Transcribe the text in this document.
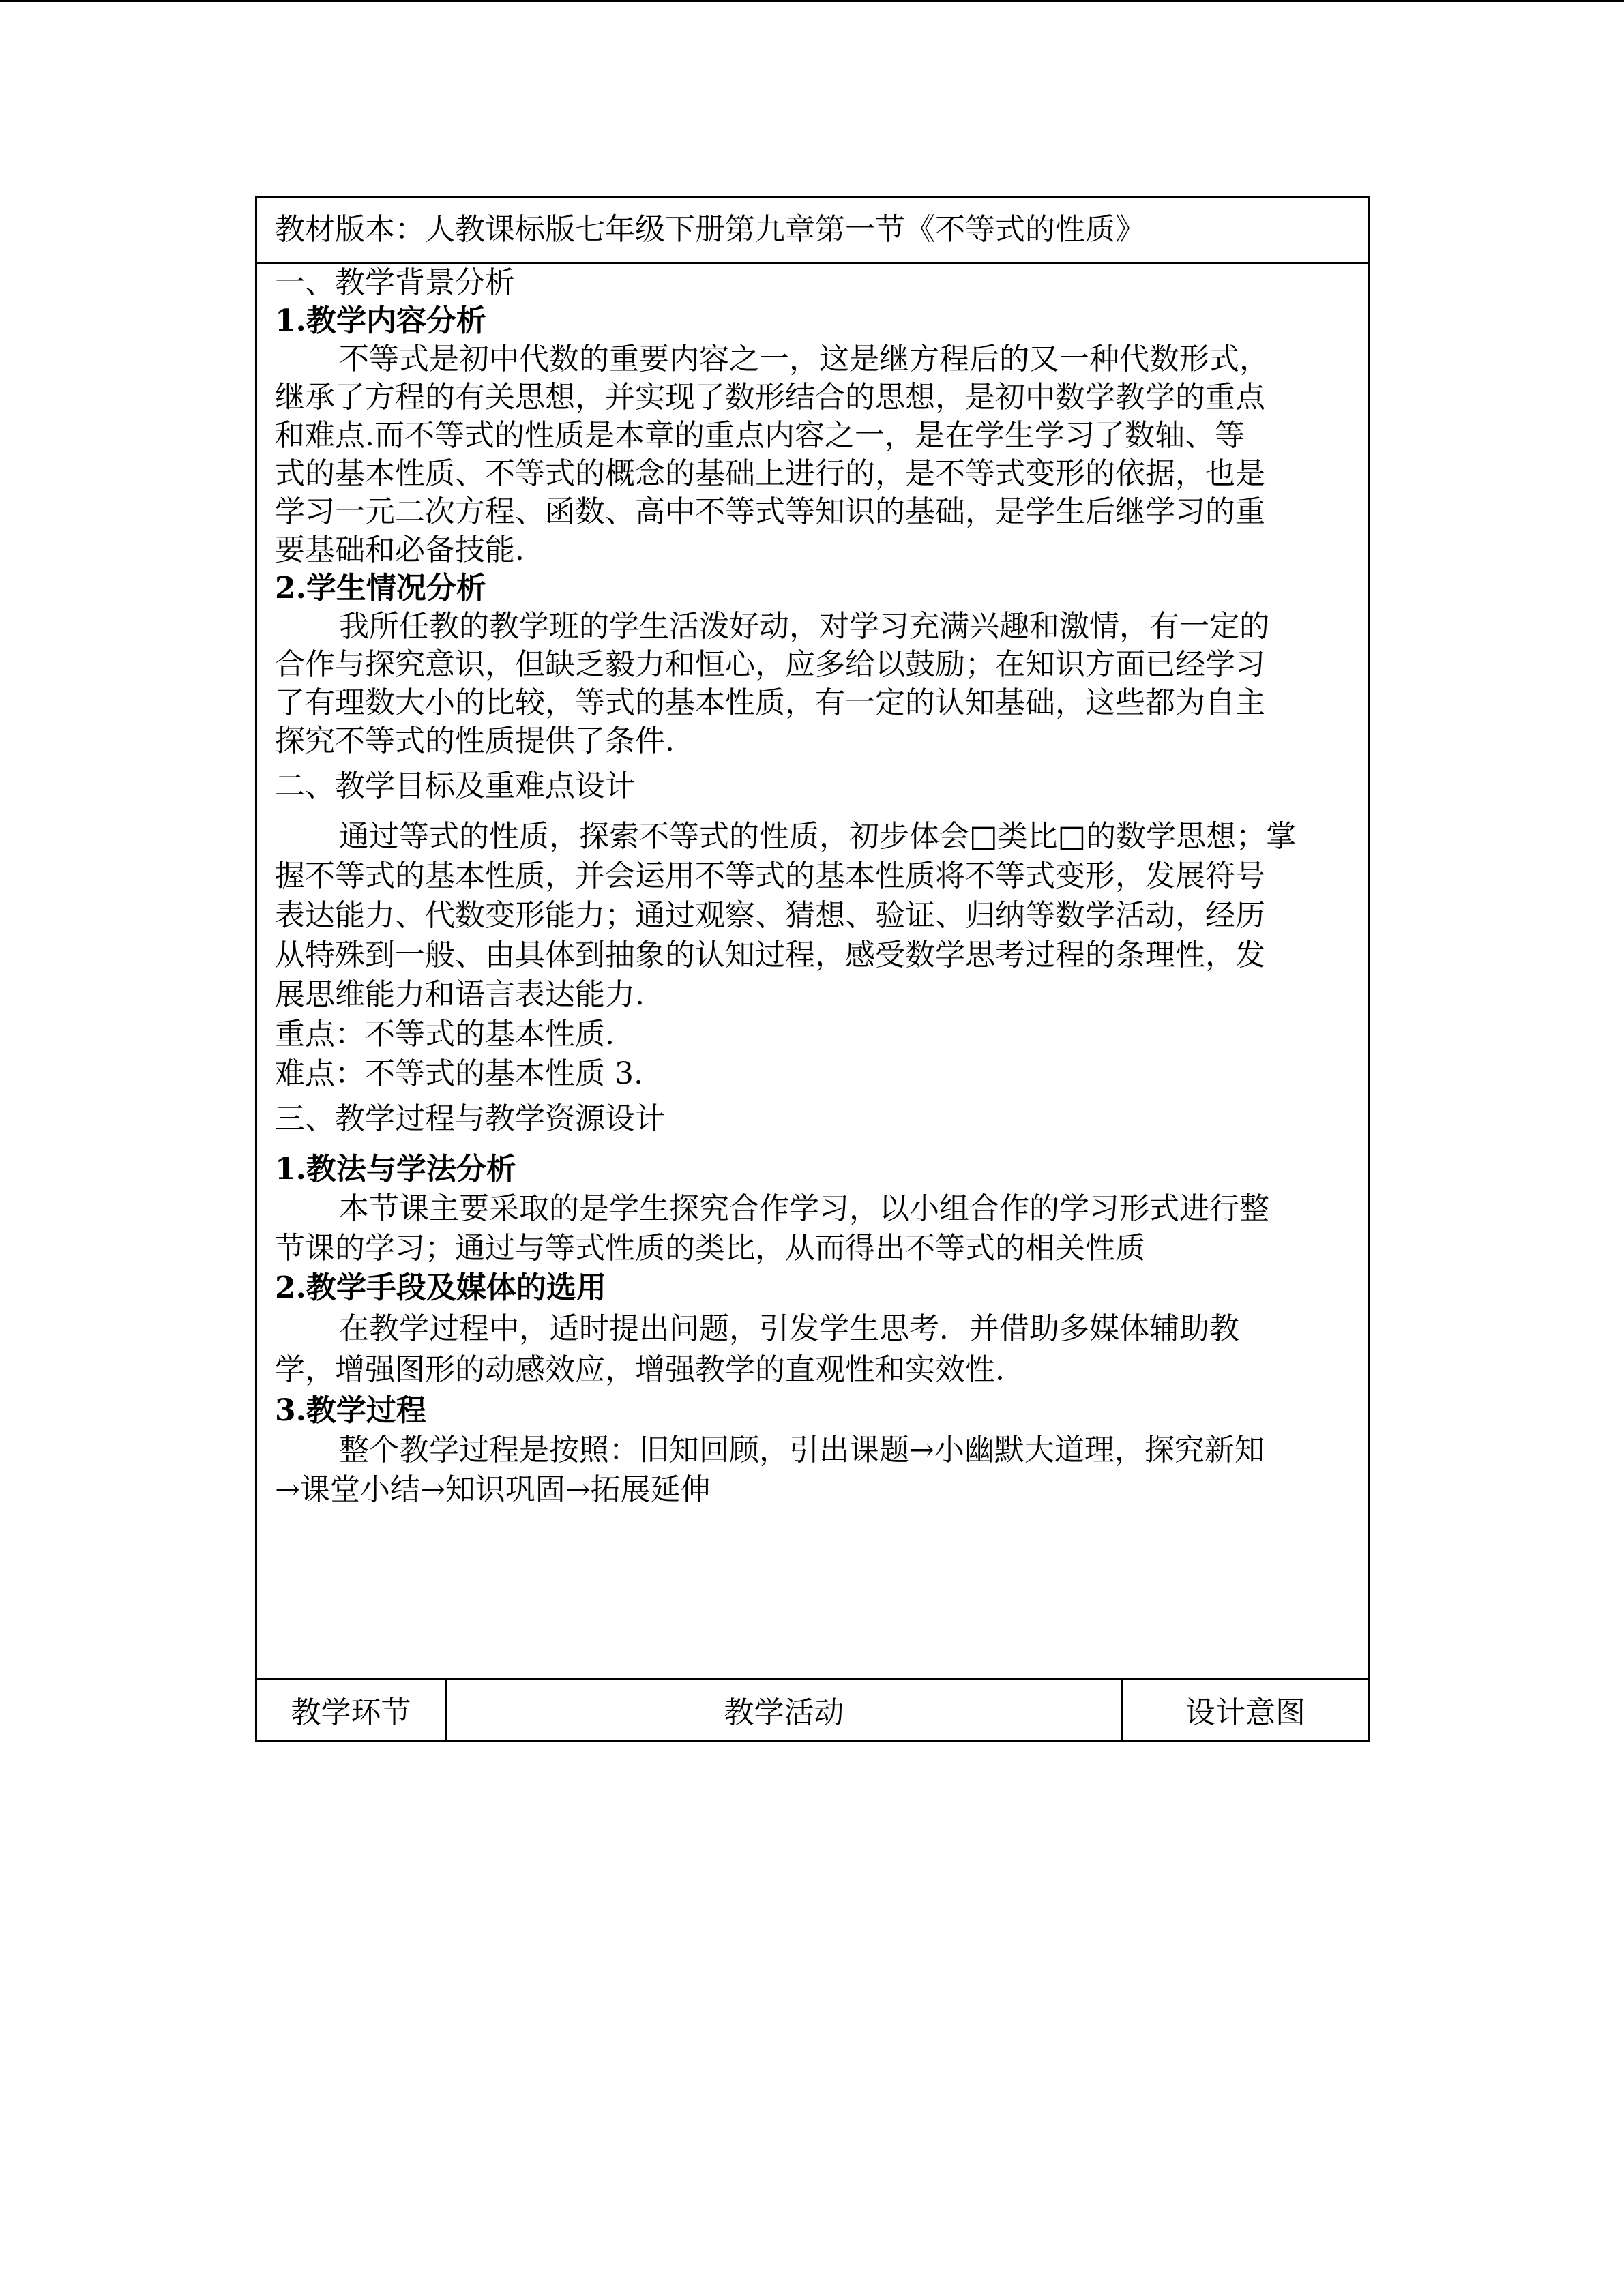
教材版本：人教课标版七年级下册第九章第一节《不等式的性质》
一、教学背景分析
1.教学内容分析
不等式是初中代数的重要内容之一，这是继方程后的又一种代数形式，
继承了方程的有关思想，并实现了数形结合的思想，是初中数学教学的重点
和难点.而不等式的性质是本章的重点内容之一，是在学生学习了数轴、等
式的基本性质、不等式的概念的基础上进行的，是不等式变形的依据，也是
学习一元二次方程、函数、高中不等式等知识的基础，是学生后继学习的重
要基础和必备技能.
2.学生情况分析
我所任教的教学班的学生活泼好动，对学习充满兴趣和激情，有一定的
合作与探究意识，但缺乏毅力和恒心，应多给以鼓励；在知识方面已经学习
了有理数大小的比较，等式的基本性质，有一定的认知基础，这些都为自主
探究不等式的性质提供了条件.
二、教学目标及重难点设计
通过等式的性质，探索不等式的性质，初步体会□类比□的数学思想；掌
握不等式的基本性质，并会运用不等式的基本性质将不等式变形，发展符号
表达能力、代数变形能力；通过观察、猜想、验证、归纳等数学活动，经历
从特殊到一般、由具体到抽象的认知过程，感受数学思考过程的条理性，发
展思维能力和语言表达能力.
重点：不等式的基本性质.
难点：不等式的基本性质 3.
三、教学过程与教学资源设计
1.教法与学法分析
本节课主要采取的是学生探究合作学习，以小组合作的学习形式进行整
节课的学习；通过与等式性质的类比，从而得出不等式的相关性质
2.教学手段及媒体的选用
在教学过程中，适时提出问题，引发学生思考．并借助多媒体辅助教
学，增强图形的动感效应，增强教学的直观性和实效性.
3.教学过程
整个教学过程是按照：旧知回顾，引出课题→小幽默大道理，探究新知
→课堂小结→知识巩固→拓展延伸
教学环节	教学活动	设计意图
